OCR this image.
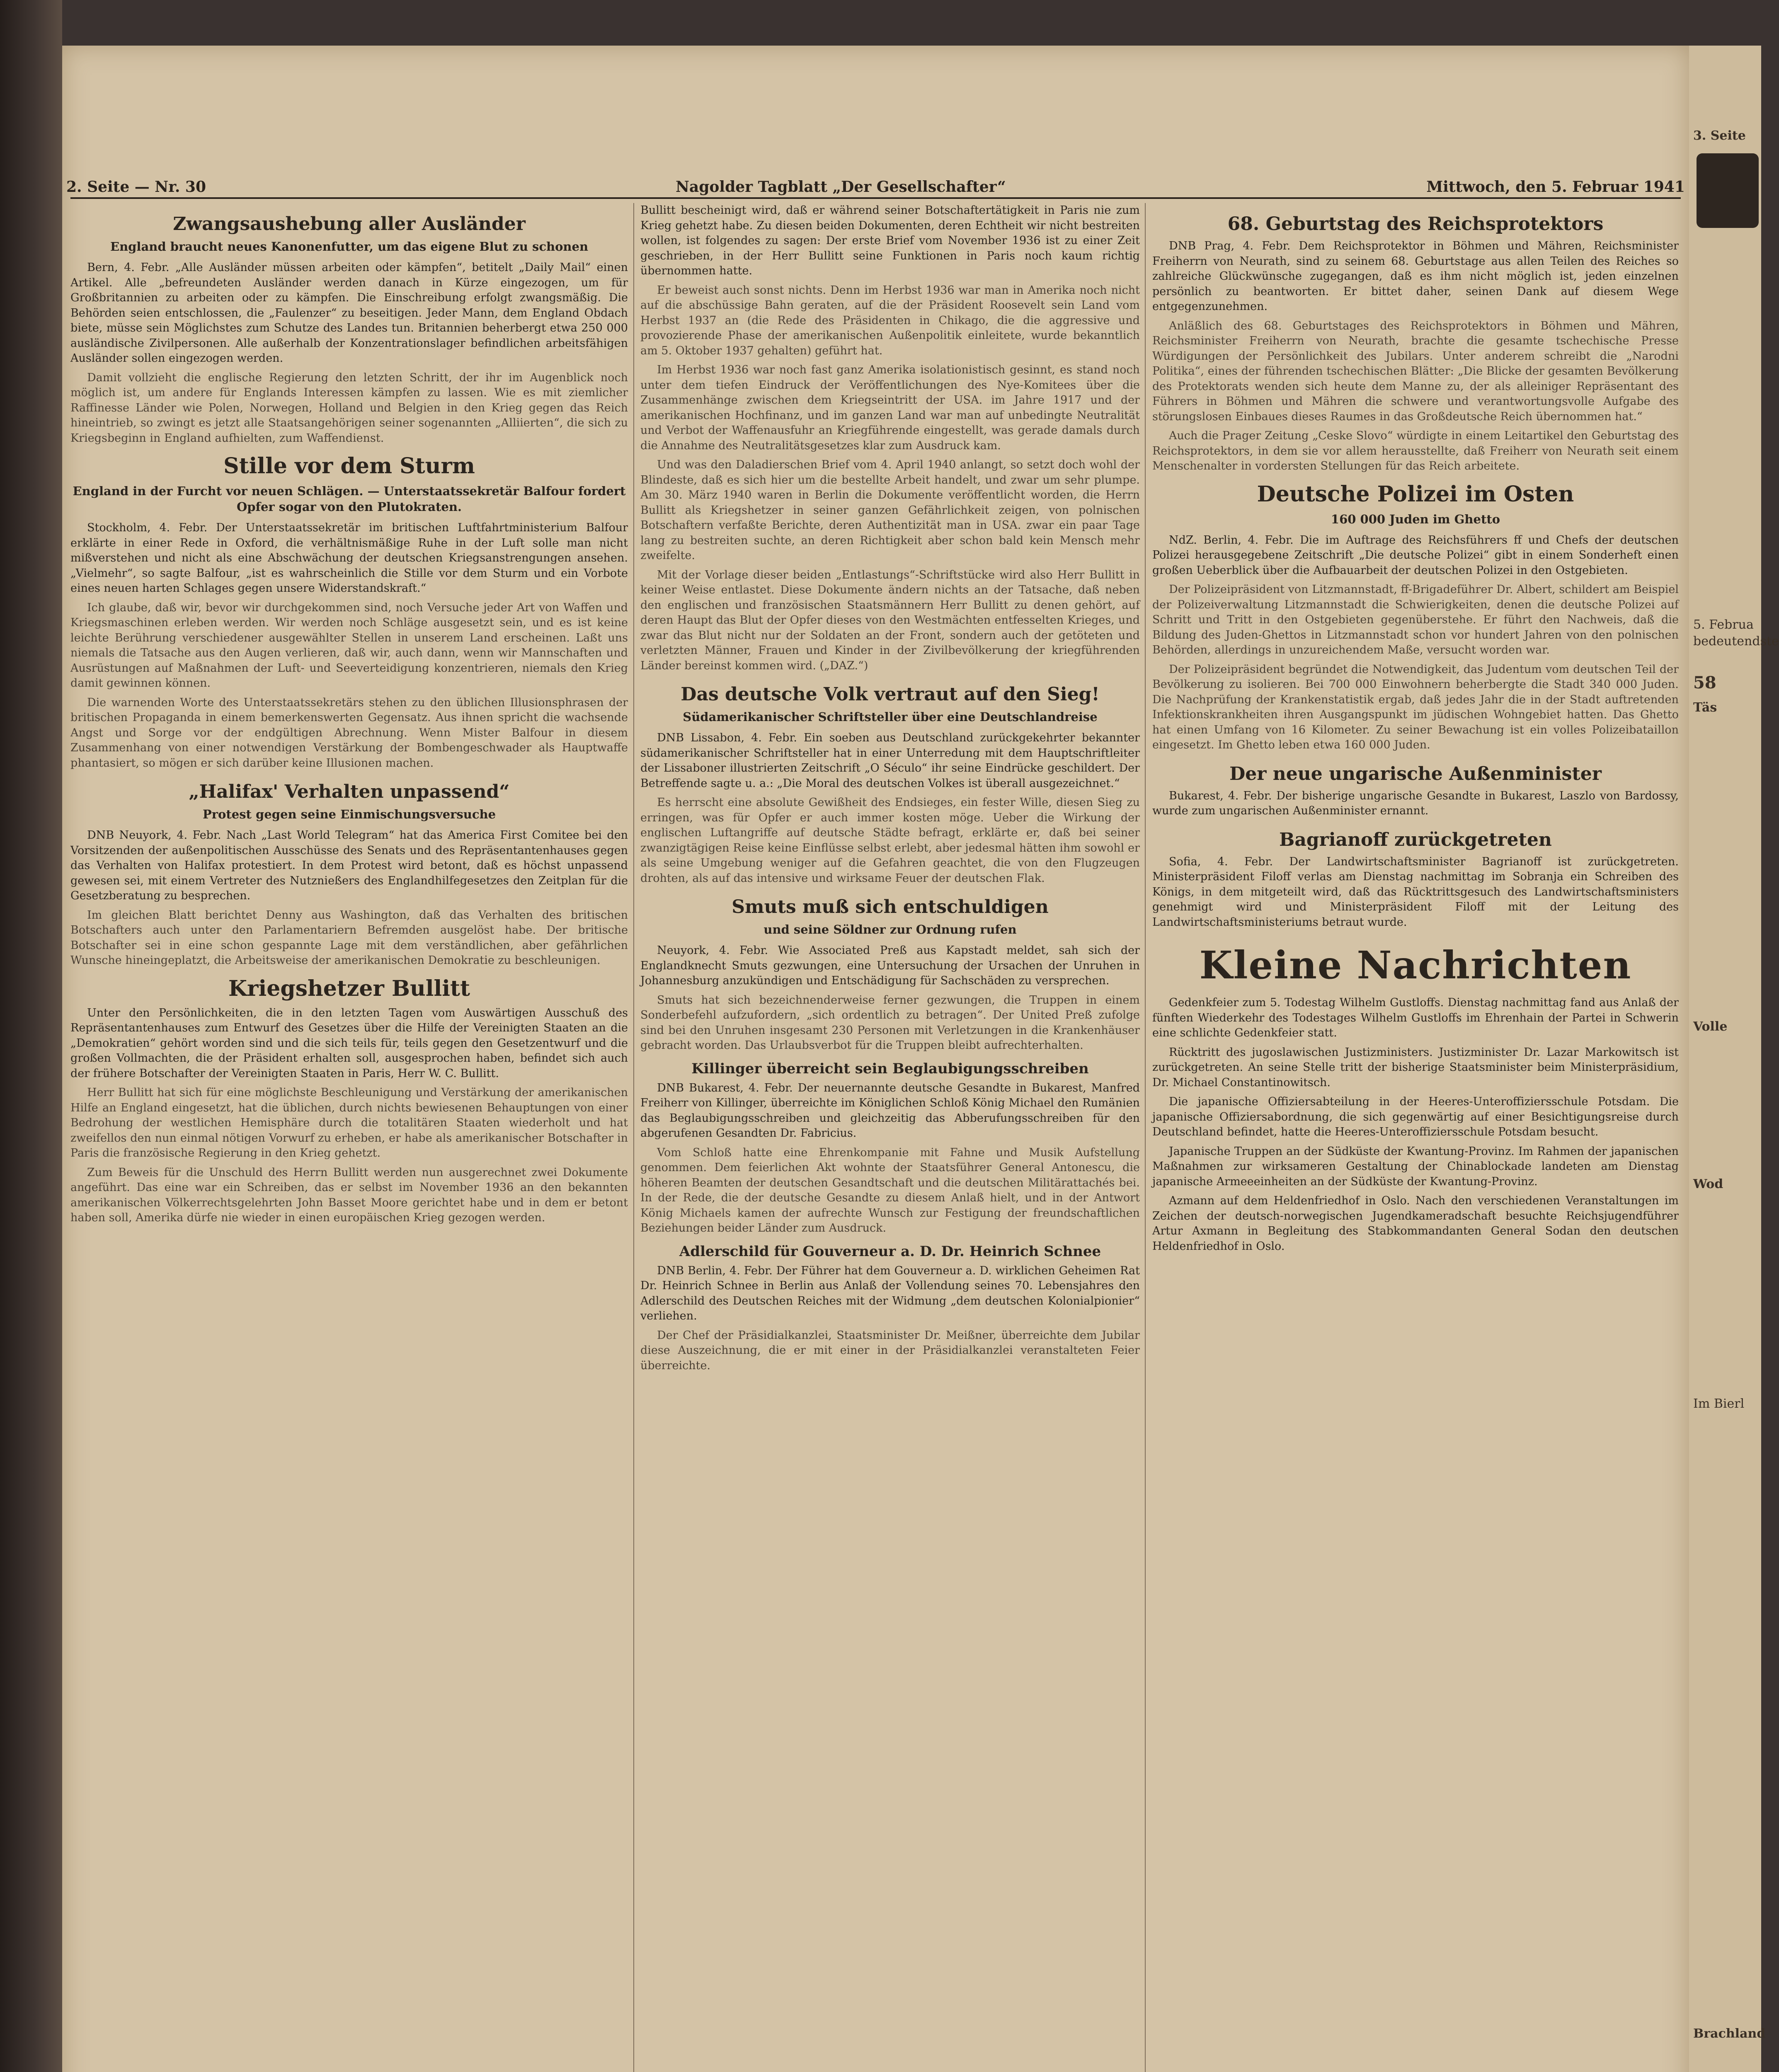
2. Seite — Nr. 30	Nagolder Tagblatt „Der Gesellschafter“	Mittwoch, den 5. Februar 1941
Zwangsaushebung aller Ausländer
England braucht neues Kanonenfutter, um das eigene Blut zu schonen

Bern, 4. Febr. „Alle Ausländer müssen arbeiten oder kämpfen“, betitelt „Daily Mail“ einen Artikel. Alle „befreundeten Ausländer werden danach in Kürze eingezogen, um für Großbritannien zu arbeiten oder zu kämpfen. Die Einschreibung erfolgt zwangsmäßig. Die Behörden seien entschlossen, die „Faulenzer“ zu beseitigen. Jeder Mann, dem England Obdach biete, müsse sein Möglichstes zum Schutze des Landes tun. Britannien beherbergt etwa 250 000 ausländische Zivilpersonen. Alle außerhalb der Konzentrationslager befindlichen arbeitsfähigen Ausländer sollen eingezogen werden.

Damit vollzieht die englische Regierung den letzten Schritt, der ihr im Augenblick noch möglich ist, um andere für Englands Interessen kämpfen zu lassen. Wie es mit ziemlicher Raffinesse Länder wie Polen, Norwegen, Holland und Belgien in den Krieg gegen das Reich hineintrieb, so zwingt es jetzt alle Staatsangehörigen seiner sogenannten „Alliierten“, die sich zu Kriegsbeginn in England aufhielten, zum Waffendienst.

Stille vor dem Sturm
England in der Furcht vor neuen Schlägen. — Unterstaatssekretär Balfour fordert Opfer sogar von den Plutokraten.

Stockholm, 4. Febr. Der Unterstaatssekretär im britischen Luftfahrtministerium Balfour erklärte in einer Rede in Oxford, die verhältnismäßige Ruhe in der Luft solle man nicht mißverstehen und nicht als eine Abschwächung der deutschen Kriegsanstrengungen ansehen. „Vielmehr“, so sagte Balfour, „ist es wahrscheinlich die Stille vor dem Sturm und ein Vorbote eines neuen harten Schlages gegen unsere Widerstandskraft.“

Ich glaube, daß wir, bevor wir durchgekommen sind, noch Versuche jeder Art von Waffen und Kriegsmaschinen erleben werden. Wir werden noch Schläge ausgesetzt sein, und es ist keine leichte Berührung verschiedener ausgewählter Stellen in unserem Land erscheinen. Laßt uns niemals die Tatsache aus den Augen verlieren, daß wir, auch dann, wenn wir Mannschaften und Ausrüstungen auf Maßnahmen der Luft- und Seeverteidigung konzentrieren, niemals den Krieg damit gewinnen können.

Die warnenden Worte des Unterstaatssekretärs stehen zu den üblichen Illusionsphrasen der britischen Propaganda in einem bemerkenswerten Gegensatz. Aus ihnen spricht die wachsende Angst und Sorge vor der endgültigen Abrechnung. Wenn Mister Balfour in diesem Zusammenhang von einer notwendigen Verstärkung der Bombengeschwader als Hauptwaffe phantasiert, so mögen er sich darüber keine Illusionen machen.

„Halifax' Verhalten unpassend“
Protest gegen seine Einmischungsversuche

DNB Neuyork, 4. Febr. Nach „Last World Telegram“ hat das America First Comitee bei den Vorsitzenden der außenpolitischen Ausschüsse des Senats und des Repräsentantenhauses gegen das Verhalten von Halifax protestiert. In dem Protest wird betont, daß es höchst unpassend gewesen sei, mit einem Vertreter des Nutznießers des Englandhilfegesetzes den Zeitplan für die Gesetzberatung zu besprechen.

Im gleichen Blatt berichtet Denny aus Washington, daß das Verhalten des britischen Botschafters auch unter den Parlamentariern Befremden ausgelöst habe. Der britische Botschafter sei in eine schon gespannte Lage mit dem verständlichen, aber gefährlichen Wunsche hineingeplatzt, die Arbeitsweise der amerikanischen Demokratie zu beschleunigen.

Kriegshetzer Bullitt

Unter den Persönlichkeiten, die in den letzten Tagen vom Auswärtigen Ausschuß des Repräsentantenhauses zum Entwurf des Gesetzes über die Hilfe der Vereinigten Staaten an die „Demokratien“ gehört worden sind und die sich teils für, teils gegen den Gesetzentwurf und die großen Vollmachten, die der Präsident erhalten soll, ausgesprochen haben, befindet sich auch der frühere Botschafter der Vereinigten Staaten in Paris, Herr W. C. Bullitt.

Herr Bullitt hat sich für eine möglichste Beschleunigung und Verstärkung der amerikanischen Hilfe an England eingesetzt, hat die üblichen, durch nichts bewiesenen Behauptungen von einer Bedrohung der westlichen Hemisphäre durch die totalitären Staaten wiederholt und hat zweifellos den nun einmal nötigen Vorwurf zu erheben, er habe als amerikanischer Botschafter in Paris die französische Regierung in den Krieg gehetzt.

Zum Beweis für die Unschuld des Herrn Bullitt werden nun ausgerechnet zwei Dokumente angeführt. Das eine war ein Schreiben, das er selbst im November 1936 an den bekannten amerikanischen Völkerrechtsgelehrten John Basset Moore gerichtet habe und in dem er betont haben soll, Amerika dürfe nie wieder in einen europäischen Krieg gezogen werden.

Bullitt bescheinigt wird, daß er während seiner Botschaftertätigkeit in Paris nie zum Krieg gehetzt habe. Zu diesen beiden Dokumenten, deren Echtheit wir nicht bestreiten wollen, ist folgendes zu sagen: Der erste Brief vom November 1936 ist zu einer Zeit geschrieben, in der Herr Bullitt seine Funktionen in Paris noch kaum richtig übernommen hatte.

Er beweist auch sonst nichts. Denn im Herbst 1936 war man in Amerika noch nicht auf die abschüssige Bahn geraten, auf die der Präsident Roosevelt sein Land vom Herbst 1937 an (die Rede des Präsidenten in Chikago, die die aggressive und provozierende Phase der amerikanischen Außenpolitik einleitete, wurde bekanntlich am 5. Oktober 1937 gehalten) geführt hat.

Im Herbst 1936 war noch fast ganz Amerika isolationistisch gesinnt, es stand noch unter dem tiefen Eindruck der Veröffentlichungen des Nye-Komitees über die Zusammenhänge zwischen dem Kriegseintritt der USA. im Jahre 1917 und der amerikanischen Hochfinanz, und im ganzen Land war man auf unbedingte Neutralität und Verbot der Waffenausfuhr an Kriegführende eingestellt, was gerade damals durch die Annahme des Neutralitätsgesetzes klar zum Ausdruck kam.

Und was den Daladierschen Brief vom 4. April 1940 anlangt, so setzt doch wohl der Blindeste, daß es sich hier um die bestellte Arbeit handelt, und zwar um sehr plumpe. Am 30. März 1940 waren in Berlin die Dokumente veröffentlicht worden, die Herrn Bullitt als Kriegshetzer in seiner ganzen Gefährlichkeit zeigen, von polnischen Botschaftern verfaßte Berichte, deren Authentizität man in USA. zwar ein paar Tage lang zu bestreiten suchte, an deren Richtigkeit aber schon bald kein Mensch mehr zweifelte.

Mit der Vorlage dieser beiden „Entlastungs“-Schriftstücke wird also Herr Bullitt in keiner Weise entlastet. Diese Dokumente ändern nichts an der Tatsache, daß neben den englischen und französischen Staatsmännern Herr Bullitt zu denen gehört, auf deren Haupt das Blut der Opfer dieses von den Westmächten entfesselten Krieges, und zwar das Blut nicht nur der Soldaten an der Front, sondern auch der getöteten und verletzten Männer, Frauen und Kinder in der Zivilbevölkerung der kriegführenden Länder bereinst kommen wird. („DAZ.“)

Das deutsche Volk vertraut auf den Sieg!
Südamerikanischer Schriftsteller über eine Deutschlandreise

DNB Lissabon, 4. Febr. Ein soeben aus Deutschland zurückgekehrter bekannter südamerikanischer Schriftsteller hat in einer Unterredung mit dem Hauptschriftleiter der Lissaboner illustrierten Zeitschrift „O Século“ ihr seine Eindrücke geschildert. Der Betreffende sagte u. a.: „Die Moral des deutschen Volkes ist überall ausgezeichnet.“

Es herrscht eine absolute Gewißheit des Endsieges, ein fester Wille, diesen Sieg zu erringen, was für Opfer er auch immer kosten möge. Ueber die Wirkung der englischen Luftangriffe auf deutsche Städte befragt, erklärte er, daß bei seiner zwanzigtägigen Reise keine Einflüsse selbst erlebt, aber jedesmal hätten ihm sowohl er als seine Umgebung weniger auf die Gefahren geachtet, die von den Flugzeugen drohten, als auf das intensive und wirksame Feuer der deutschen Flak.

Smuts muß sich entschuldigen
und seine Söldner zur Ordnung rufen

Neuyork, 4. Febr. Wie Associated Preß aus Kapstadt meldet, sah sich der Englandknecht Smuts gezwungen, eine Untersuchung der Ursachen der Unruhen in Johannesburg anzukündigen und Entschädigung für Sachschäden zu versprechen.

Smuts hat sich bezeichnenderweise ferner gezwungen, die Truppen in einem Sonderbefehl aufzufordern, „sich ordentlich zu betragen“. Der United Preß zufolge sind bei den Unruhen insgesamt 230 Personen mit Verletzungen in die Krankenhäuser gebracht worden. Das Urlaubsverbot für die Truppen bleibt aufrechterhalten.

Killinger überreicht sein Beglaubigungsschreiben

DNB Bukarest, 4. Febr. Der neuernannte deutsche Gesandte in Bukarest, Manfred Freiherr von Killinger, überreichte im Königlichen Schloß König Michael den Rumänien das Beglaubigungsschreiben und gleichzeitig das Abberufungsschreiben für den abgerufenen Gesandten Dr. Fabricius.

Vom Schloß hatte eine Ehrenkompanie mit Fahne und Musik Aufstellung genommen. Dem feierlichen Akt wohnte der Staatsführer General Antonescu, die höheren Beamten der deutschen Gesandtschaft und die deutschen Militärattachés bei. In der Rede, die der deutsche Gesandte zu diesem Anlaß hielt, und in der Antwort König Michaels kamen der aufrechte Wunsch zur Festigung der freundschaftlichen Beziehungen beider Länder zum Ausdruck.

Adlerschild für Gouverneur a. D. Dr. Heinrich Schnee

DNB Berlin, 4. Febr. Der Führer hat dem Gouverneur a. D. wirklichen Geheimen Rat Dr. Heinrich Schnee in Berlin aus Anlaß der Vollendung seines 70. Lebensjahres den Adlerschild des Deutschen Reiches mit der Widmung „dem deutschen Kolonialpionier“ verliehen.

Der Chef der Präsidialkanzlei, Staatsminister Dr. Meißner, überreichte dem Jubilar diese Auszeichnung, die er mit einer in der Präsidialkanzlei veranstalteten Feier überreichte.

68. Geburtstag des Reichsprotektors

DNB Prag, 4. Febr. Dem Reichsprotektor in Böhmen und Mähren, Reichsminister Freiherrn von Neurath, sind zu seinem 68. Geburtstage aus allen Teilen des Reiches so zahlreiche Glückwünsche zugegangen, daß es ihm nicht möglich ist, jeden einzelnen persönlich zu beantworten. Er bittet daher, seinen Dank auf diesem Wege entgegenzunehmen.

Anläßlich des 68. Geburtstages des Reichsprotektors in Böhmen und Mähren, Reichsminister Freiherrn von Neurath, brachte die gesamte tschechische Presse Würdigungen der Persönlichkeit des Jubilars. Unter anderem schreibt die „Narodni Politika“, eines der führenden tschechischen Blätter: „Die Blicke der gesamten Bevölkerung des Protektorats wenden sich heute dem Manne zu, der als alleiniger Repräsentant des Führers in Böhmen und Mähren die schwere und verantwortungsvolle Aufgabe des störungslosen Einbaues dieses Raumes in das Großdeutsche Reich übernommen hat.“

Auch die Prager Zeitung „Ceske Slovo“ würdigte in einem Leitartikel den Geburtstag des Reichsprotektors, in dem sie vor allem herausstellte, daß Freiherr von Neurath seit einem Menschenalter in vordersten Stellungen für das Reich arbeitete.

Deutsche Polizei im Osten
160 000 Juden im Ghetto

NdZ. Berlin, 4. Febr. Die im Auftrage des Reichsführers ff und Chefs der deutschen Polizei herausgegebene Zeitschrift „Die deutsche Polizei“ gibt in einem Sonderheft einen großen Ueberblick über die Aufbauarbeit der deutschen Polizei in den Ostgebieten.

Der Polizeipräsident von Litzmannstadt, ff-Brigadeführer Dr. Albert, schildert am Beispiel der Polizeiverwaltung Litzmannstadt die Schwierigkeiten, denen die deutsche Polizei auf Schritt und Tritt in den Ostgebieten gegenüberstehe. Er führt den Nachweis, daß die Bildung des Juden-Ghettos in Litzmannstadt schon vor hundert Jahren von den polnischen Behörden, allerdings in unzureichendem Maße, versucht worden war.

Der Polizeipräsident begründet die Notwendigkeit, das Judentum vom deutschen Teil der Bevölkerung zu isolieren. Bei 700 000 Einwohnern beherbergte die Stadt 340 000 Juden. Die Nachprüfung der Krankenstatistik ergab, daß jedes Jahr die in der Stadt auftretenden Infektionskrankheiten ihren Ausgangspunkt im jüdischen Wohngebiet hatten. Das Ghetto hat einen Umfang von 16 Kilometer. Zu seiner Bewachung ist ein volles Polizeibataillon eingesetzt. Im Ghetto leben etwa 160 000 Juden.

Der neue ungarische Außenminister

Bukarest, 4. Febr. Der bisherige ungarische Gesandte in Bukarest, Laszlo von Bardossy, wurde zum ungarischen Außenminister ernannt.

Bagrianoff zurückgetreten

Sofia, 4. Febr. Der Landwirtschaftsminister Bagrianoff ist zurückgetreten. Ministerpräsident Filoff verlas am Dienstag nachmittag im Sobranja ein Schreiben des Königs, in dem mitgeteilt wird, daß das Rücktrittsgesuch des Landwirtschaftsministers genehmigt wird und Ministerpräsident Filoff mit der Leitung des Landwirtschaftsministeriums betraut wurde.

Kleine Nachrichten

Gedenkfeier zum 5. Todestag Wilhelm Gustloffs. Dienstag nachmittag fand aus Anlaß der fünften Wiederkehr des Todestages Wilhelm Gustloffs im Ehrenhain der Partei in Schwerin eine schlichte Gedenkfeier statt.

Rücktritt des jugoslawischen Justizministers. Justizminister Dr. Lazar Markowitsch ist zurückgetreten. An seine Stelle tritt der bisherige Staatsminister beim Ministerpräsidium, Dr. Michael Constantinowitsch.

Die japanische Offiziersabteilung in der Heeres-Unteroffiziersschule Potsdam. Die japanische Offiziersabordnung, die sich gegenwärtig auf einer Besichtigungsreise durch Deutschland befindet, hatte die Heeres-Unteroffiziersschule Potsdam besucht.

Japanische Truppen an der Südküste der Kwantung-Provinz. Im Rahmen der japanischen Maßnahmen zur wirksameren Gestaltung der Chinablockade landeten am Dienstag japanische Armeeeinheiten an der Südküste der Kwantung-Provinz.

Azmann auf dem Heldenfriedhof in Oslo. Nach den verschiedenen Veranstaltungen im Zeichen der deutsch-norwegischen Jugendkameradschaft besuchte Reichsjugendführer Artur Axmann in Begleitung des Stabkommandanten General Sodan den deutschen Heldenfriedhof in Oslo.

3. Seite
5. Februa
bedeutendste
58
Täs
Volle
Wod
Im Bierl
Brachland
